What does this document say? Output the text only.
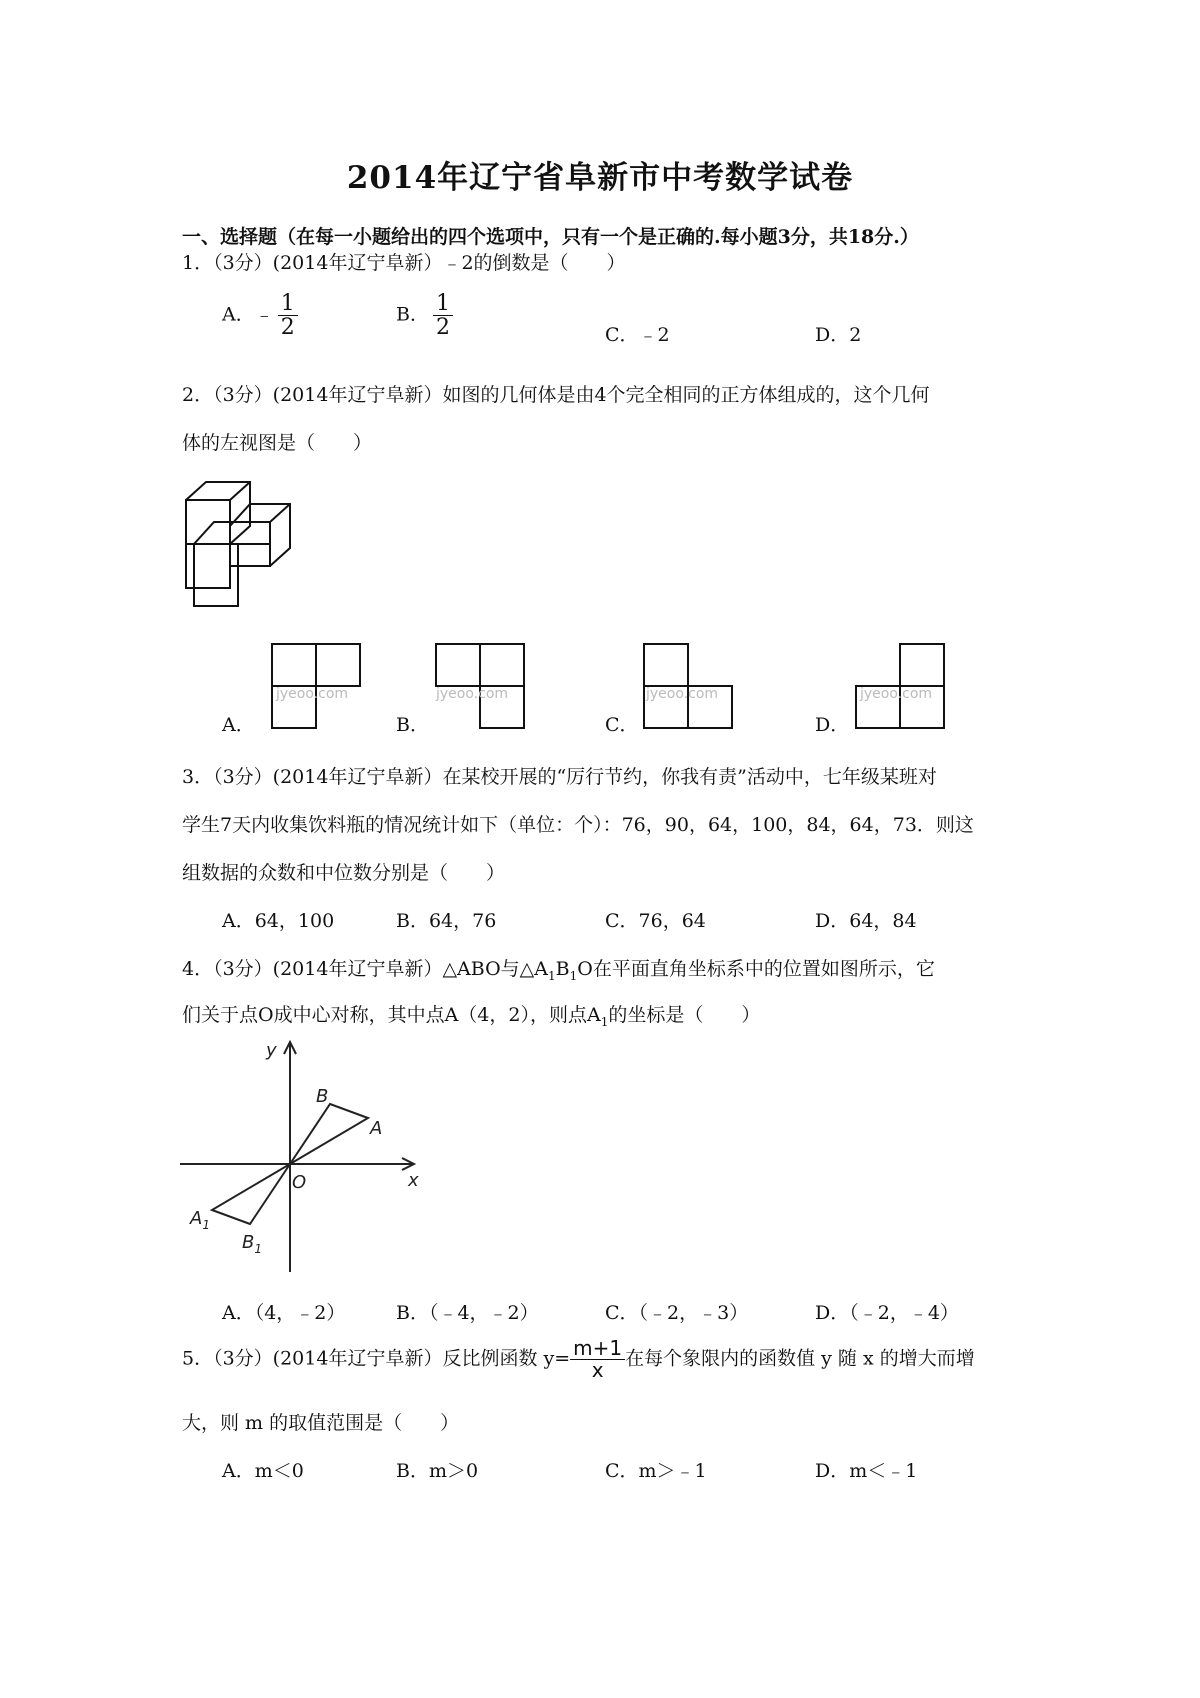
2014年辽宁省阜新市中考数学试卷
一、选择题（在每一小题给出的四个选项中，只有一个是正确的.每小题3分，共18分.）
1．（3分）(2014年辽宁阜新）﹣2的倒数是（　　）
A．﹣ $\frac{1}{2}$	B． $\frac{1}{2}$	C．﹣2	D．2
2．（3分）(2014年辽宁阜新）如图的几何体是由4个完全相同的正方体组成的，这个几何
体的左视图是（　　）
A．
jyeoo.com
B．
jyeoo.com
C．
jyeoo.com
D．
jyeoo.com
3．（3分）(2014年辽宁阜新）在某校开展的“厉行节约，你我有责”活动中，七年级某班对
学生7天内收集饮料瓶的情况统计如下（单位：个）：76，90，64，100，84，64，73．则这
组数据的众数和中位数分别是（　　）
A．64，100	B．64，76	C．76，64	D．64，84
4．（3分）(2014年辽宁阜新）△ABO与$\triangle A_1B_1O$在平面直角坐标系中的位置如图所示，它
们关于点O成中心对称，其中点A（4，2），则点$A_1$的坐标是（　　）
y
x
O
A
B
$A_1$
$B_1$
A．（4，﹣2）	B．（﹣4，﹣2）	C．（﹣2，﹣3）	D．（﹣2，﹣4）
5．（3分）(2014年辽宁阜新）反比例函数 $y= \frac{m+1}{x}$ 在每个象限内的函数值 y 随 x 的增大而增
大，则 m 的取值范围是（　　）
A．m＜0	B．m＞0	C．m＞﹣1	D．m＜﹣1
